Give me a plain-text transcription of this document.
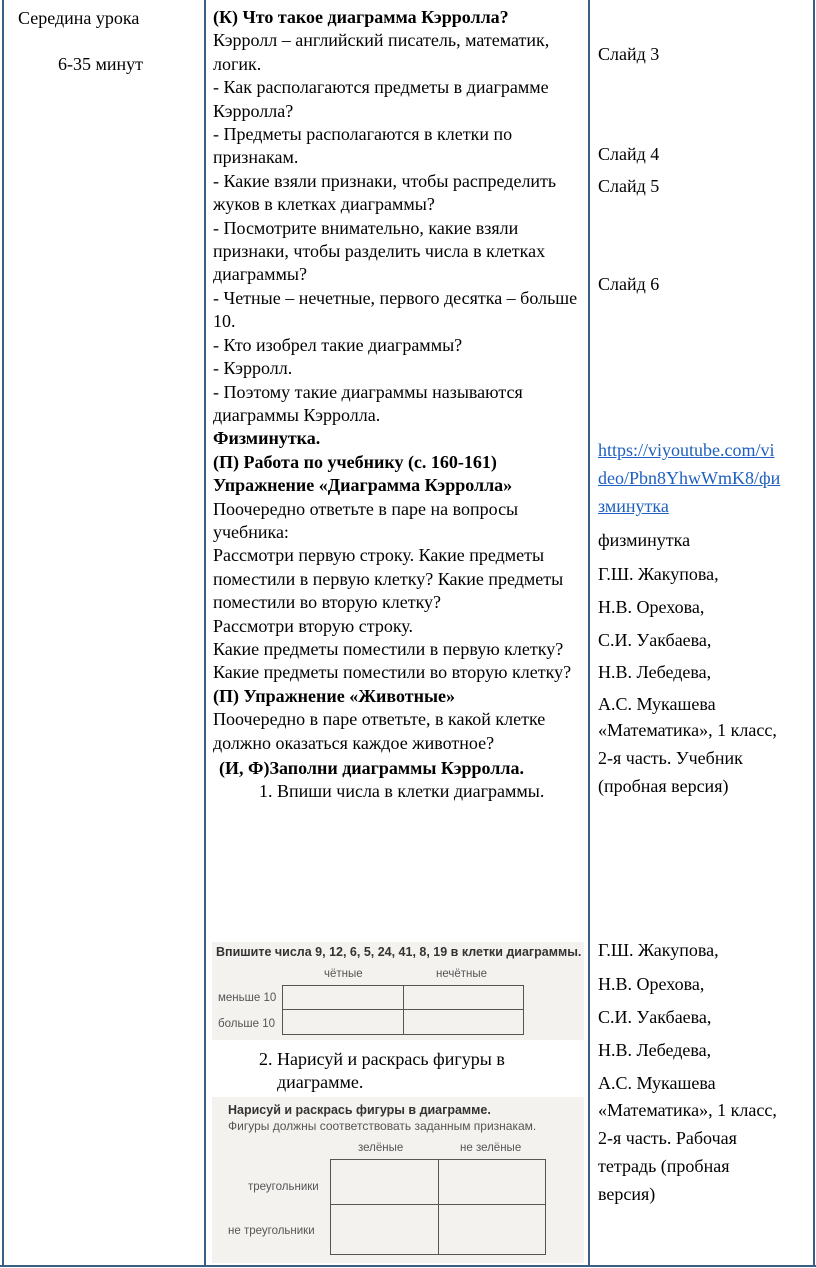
Середина урока
6-35 минут

(К) Что такое диаграмма Кэрролла?

Кэрролл – английский писатель, математик, логик.

- Как располагаются предметы в диаграмме Кэрролла?

- Предметы располагаются в клетки по признакам.

- Какие взяли признаки, чтобы распределить жуков в клетках диаграммы?

- Посмотрите внимательно, какие взяли признаки, чтобы разделить числа в клетках диаграммы?

- Четные – нечетные, первого десятка – больше 10.

- Кто изобрел такие диаграммы?

- Кэрролл.

- Поэтому такие диаграммы называются диаграммы Кэрролла.

Физминутка.

(П) Работа по учебнику (с. 160-161)

Упражнение «Диаграмма Кэрролла»

Поочередно ответьте в паре на вопросы учебника:

Рассмотри первую строку. Какие предметы поместили в первую клетку? Какие предметы поместили во вторую клетку?

Рассмотри вторую строку.

Какие предметы поместили в первую клетку? Какие предметы поместили во вторую клетку?

(П) Упражнение «Животные»

Поочередно в паре ответьте, в какой клетке должно оказаться каждое животное?

(И, Ф)Заполни диаграммы Кэрролла.

1. Впиши числа в клетки диаграммы.
2. Нарисуй и раскрась фигуры в диаграмме.
Впишите числа 9, 12, 6, 5, 24, 41, 8, 19 в клетки диаграммы.
чётные	нечётные
меньше 10
больше 10
Нарисуй и раскрась фигуры в диаграмме.
Фигуры должны соответствовать заданным признакам.
зелёные	не зелёные
треугольники
не треугольники
Слайд 3
Слайд 4
Слайд 5
Слайд 6
https://viyoutube.com/vi
deo/Pbn8YhwWmK8/фи
зминутка
физминутка
Г.Ш. Жакупова,
Н.В. Орехова,
С.И. Уакбаева,
Н.В. Лебедева,
А.С. Мукашева
«Математика», 1 класс,
2-я часть. Учебник
(пробная версия)
Г.Ш. Жакупова,
Н.В. Орехова,
С.И. Уакбаева,
Н.В. Лебедева,
А.С. Мукашева
«Математика», 1 класс,
2-я часть. Рабочая
тетрадь (пробная
версия)
